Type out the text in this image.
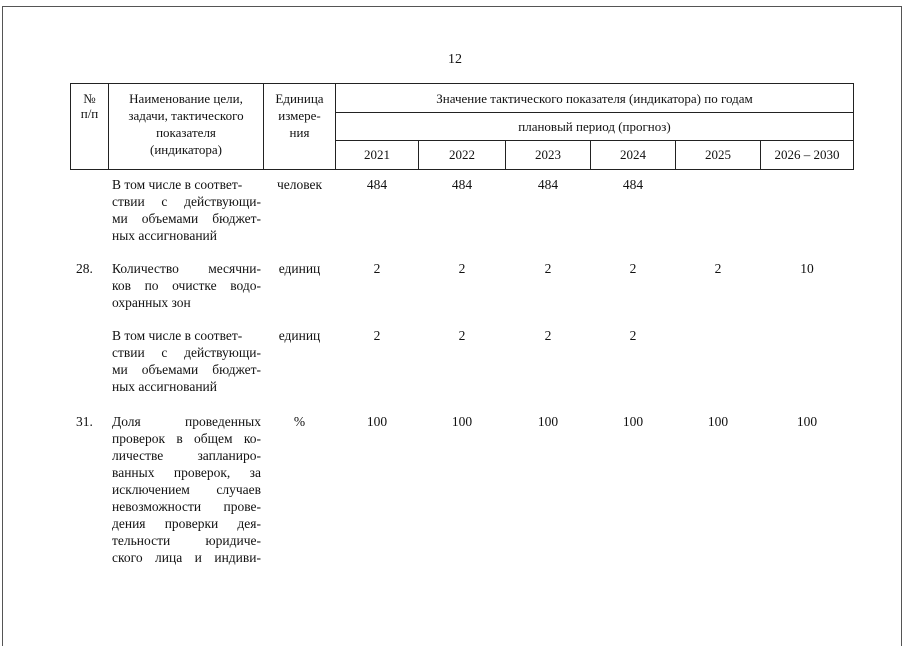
12
№
п/п
Наименование цели,
задачи, тактического
показателя
(индикатора)
Единица
измере-
ния
Значение тактического показателя (индикатора) по годам
плановый период (прогноз)
2021	2022	2023	2024	2025	2026 – 2030
В том числе в соответ-
ствии с действующи-
ми объемами бюджет-
ных ассигнований
человек	484	484	484	484
28.	Количество месячни-
ков по очистке водо-
охранных зон
единиц	2	2	2	2	2	10
В том числе в соответ-
ствии с действующи-
ми объемами бюджет-
ных ассигнований
единиц	2	2	2	2
31.	Доля проведенных
проверок в общем ко-
личестве запланиро-
ванных проверок, за
исключением случаев
невозможности прове-
дения проверки дея-
тельности юридиче-
ского лица и индиви-
%	100	100	100	100	100	100
